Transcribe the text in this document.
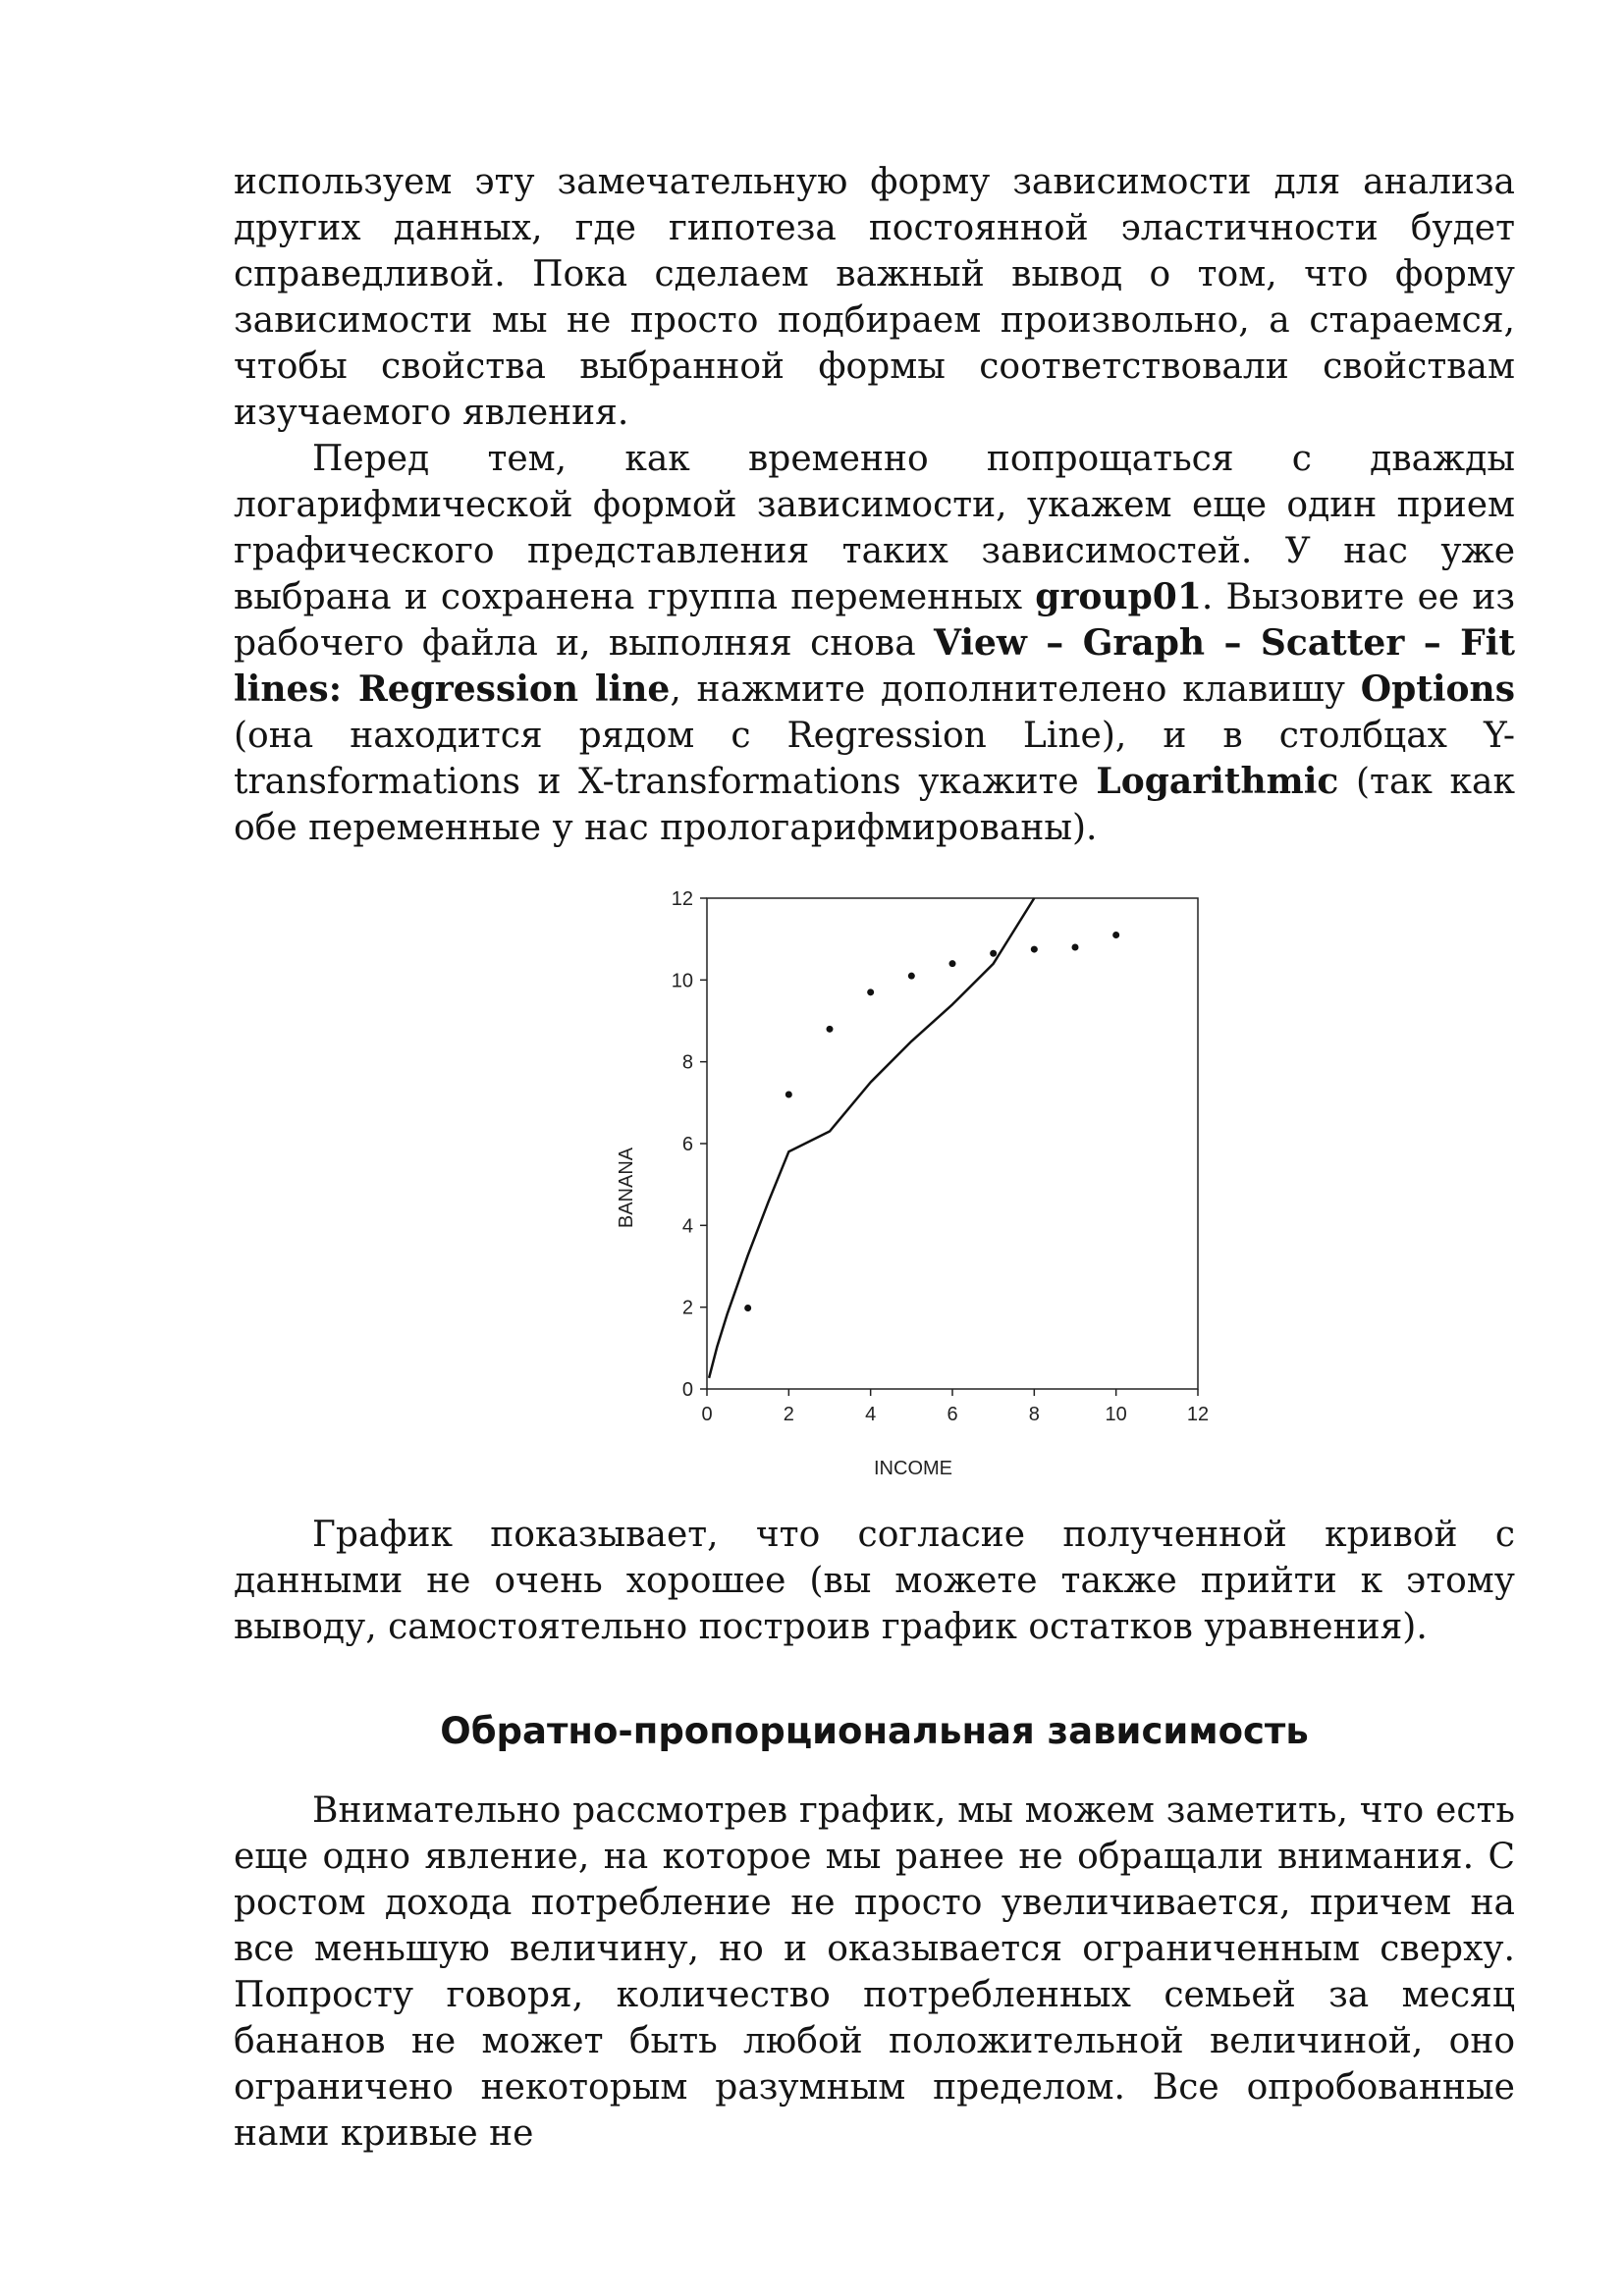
используем эту замечательную форму зависимости для анализа других данных, где гипотеза постоянной эластичности будет справедливой. Пока сделаем важный вывод о том, что форму зависимости мы не просто подбираем произвольно, а стараемся, чтобы свойства выбранной формы соответствовали свойствам изучаемого явления.

Перед тем, как временно попрощаться с дважды логарифмической формой зависимости, укажем еще один прием графического представления таких зависимостей. У нас уже выбрана и сохранена группа переменных group01. Вызовите ее из рабочего файла и, выполняя снова View – Graph – Scatter – Fit lines: Regression line, нажмите дополнителено клавишу Options (она находится рядом с Regression Line), и в столбцах Y-transformations и X-transformations укажите Logarithmic (так как обе переменные у нас прологарифмированы).

0	2	4	6	8	10	12
0
2
4
6
8
10
12
INCOME
BANANA

График показывает, что согласие полученной кривой с данными не очень хорошее (вы можете также прийти к этому выводу, самостоятельно построив график остатков уравнения).

Обратно-пропорциональная зависимость

Внимательно рассмотрев график, мы можем заметить, что есть еще одно явление, на которое мы ранее не обращали внимания. С ростом дохода потребление не просто увеличивается, причем на все меньшую величину, но и оказывается ограниченным сверху. Попросту говоря, количество потребленных семьей за месяц бананов не может быть любой положительной величиной, оно ограничено некоторым разумным пределом. Все опробованные нами кривые не
